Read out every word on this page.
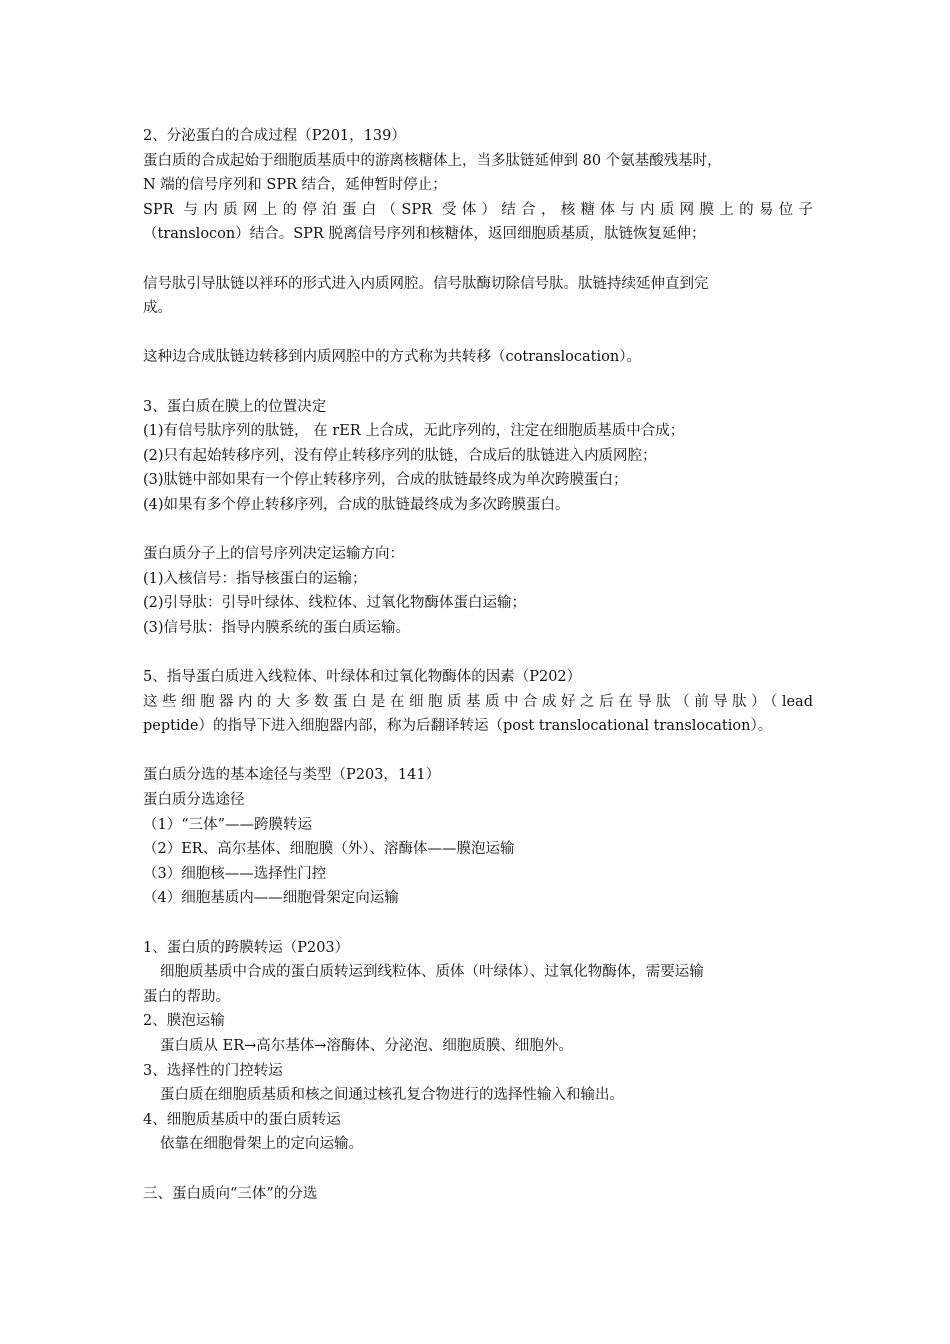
2、分泌蛋白的合成过程（P201，139）
蛋白质的合成起始于细胞质基质中的游离核糖体上，当多肽链延伸到 80 个氨基酸残基时，
N 端的信号序列和 SPR 结合，延伸暂时停止；
SPR 与内质网上的停泊蛋白（SPR 受体）结合，核糖体与内质网膜上的易位子
（translocon）结合。SPR 脱离信号序列和核糖体，返回细胞质基质，肽链恢复延伸；
信号肽引导肽链以袢环的形式进入内质网腔。信号肽酶切除信号肽。肽链持续延伸直到完
成。
这种边合成肽链边转移到内质网腔中的方式称为共转移（cotranslocation）。
3、蛋白质在膜上的位置决定
(1)有信号肽序列的肽链， 在 rER 上合成，无此序列的，注定在细胞质基质中合成；
(2)只有起始转移序列，没有停止转移序列的肽链，合成后的肽链进入内质网腔；
(3)肽链中部如果有一个停止转移序列，合成的肽链最终成为单次跨膜蛋白；
(4)如果有多个停止转移序列，合成的肽链最终成为多次跨膜蛋白。
蛋白质分子上的信号序列决定运输方向：
(1)入核信号：指导核蛋白的运输；
(2)引导肽：引导叶绿体、线粒体、过氧化物酶体蛋白运输；
(3)信号肽：指导内膜系统的蛋白质运输。
5、指导蛋白质进入线粒体、叶绿体和过氧化物酶体的因素（P202）
这些细胞器内的大多数蛋白是在细胞质基质中合成好之后在导肽（前导肽）（lead
peptide）的指导下进入细胞器内部，称为后翻译转运（post translocational translocation）。
蛋白质分选的基本途径与类型（P203，141）
蛋白质分选途径
（1）“三体”——跨膜转运
（2）ER、高尔基体、细胞膜（外）、溶酶体——膜泡运输
（3）细胞核——选择性门控
（4）细胞基质内——细胞骨架定向运输
1、蛋白质的跨膜转运（P203）
细胞质基质中合成的蛋白质转运到线粒体、质体（叶绿体）、过氧化物酶体，需要运输
蛋白的帮助。
2、膜泡运输
蛋白质从 ER→高尔基体→溶酶体、分泌泡、细胞质膜、细胞外。
3、选择性的门控转运
蛋白质在细胞质基质和核之间通过核孔复合物进行的选择性输入和输出。
4、细胞质基质中的蛋白质转运
依靠在细胞骨架上的定向运输。
三、蛋白质向“三体”的分选
